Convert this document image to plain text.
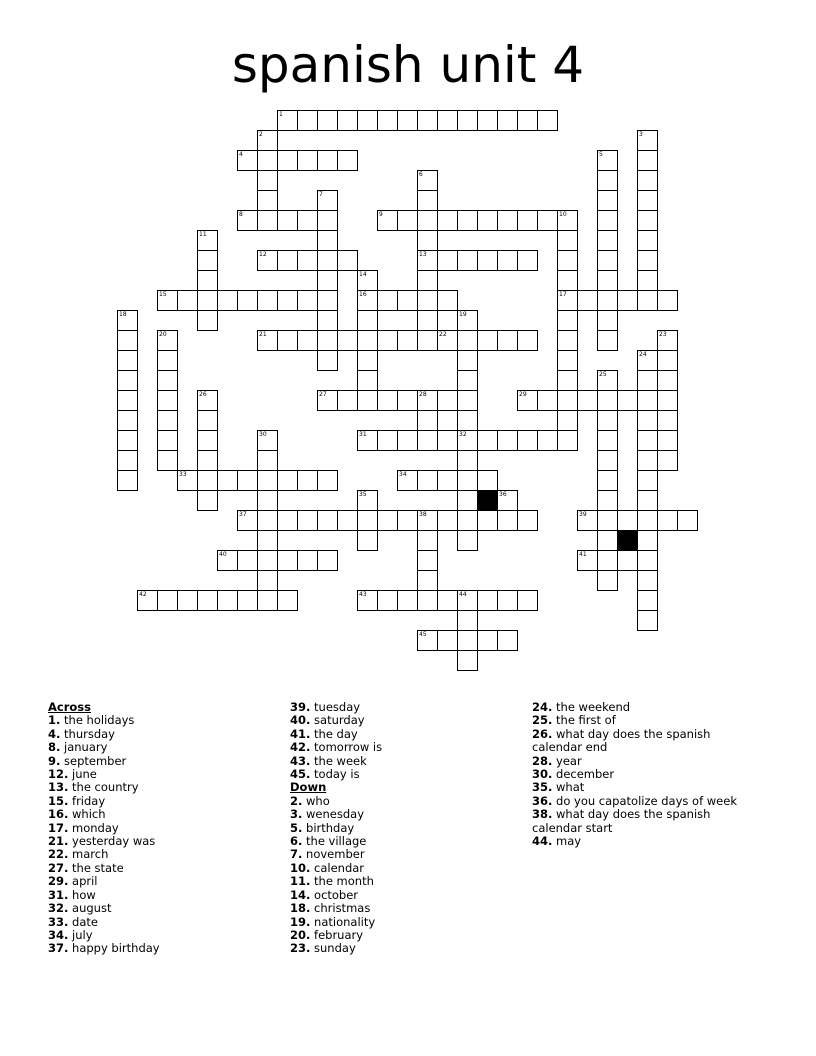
spanish unit 4
1
2	3
4	5
6
7
8	9	10
11
12	13
14
15	16	17
18	19
20	21	22	23
24
25
26	27	28	29
30	31	32
33	34
35	36
37	38	39
40	41
42	43	44
45
Across
1. the holidays
4. thursday
8. january
9. september
12. june
13. the country
15. friday
16. which
17. monday
21. yesterday was
22. march
27. the state
29. april
31. how
32. august
33. date
34. july
37. happy birthday
39. tuesday
40. saturday
41. the day
42. tomorrow is
43. the week
45. today is
Down
2. who
3. wenesday
5. birthday
6. the village
7. november
10. calendar
11. the month
14. october
18. christmas
19. nationality
20. february
23. sunday
24. the weekend
25. the first of
26. what day does the spanish calendar end
28. year
30. december
35. what
36. do you capatolize days of week
38. what day does the spanish calendar start
44. may
